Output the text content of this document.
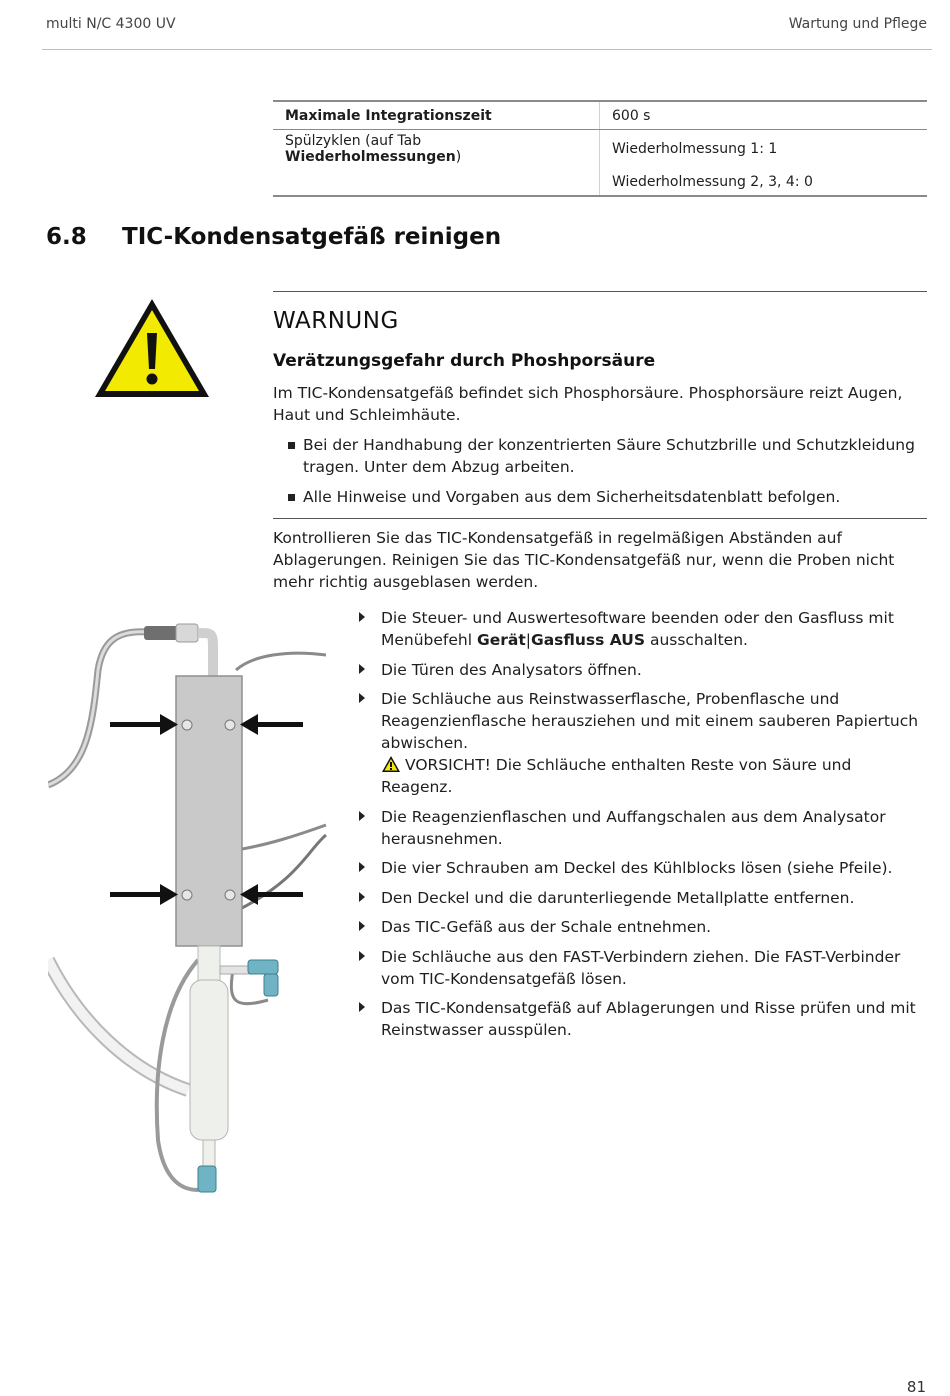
multi N/C 4300 UV	Wartung und Pflege
Maximale Integrationszeit	600 s
Spülzyklen (auf Tab Wiederholmessungen)	Wiederholmessung 1: 1
	Wiederholmessung 2, 3, 4: 0
6.8 TIC-Kondensatgefäß reinigen
WARNUNG
Verätzungsgefahr durch Phoshporsäure
Im TIC-Kondensatgefäß befindet sich Phosphorsäure. Phosphorsäure reizt Augen, Haut und Schleimhäute.
Bei der Handhabung der konzentrierten Säure Schutzbrille und Schutzkleidung tragen. Unter dem Abzug arbeiten.
Alle Hinweise und Vorgaben aus dem Sicherheitsdatenblatt befolgen.
Kontrollieren Sie das TIC-Kondensatgefäß in regelmäßigen Abständen auf Ablagerungen. Reinigen Sie das TIC-Kondensatgefäß nur, wenn die Proben nicht mehr richtig ausgeblasen werden.
Die Steuer- und Auswertesoftware beenden oder den Gasfluss mit Menübefehl Gerät|Gasfluss AUS ausschalten.
Die Türen des Analysators öffnen.
Die Schläuche aus Reinstwasserflasche, Probenflasche und Reagenzienflasche herausziehen und mit einem sauberen Papiertuch abwischen.
VORSICHT! Die Schläuche enthalten Reste von Säure und Reagenz.
Die Reagenzienflaschen und Auffangschalen aus dem Analysator herausnehmen.
Die vier Schrauben am Deckel des Kühlblocks lösen (siehe Pfeile).
Den Deckel und die darunterliegende Metallplatte entfernen.
Das TIC-Gefäß aus der Schale entnehmen.
Die Schläuche aus den FAST-Verbindern ziehen. Die FAST-Verbinder vom TIC-Kondensatgefäß lösen.
Das TIC-Kondensatgefäß auf Ablagerungen und Risse prüfen und mit Reinstwasser ausspülen.
81
